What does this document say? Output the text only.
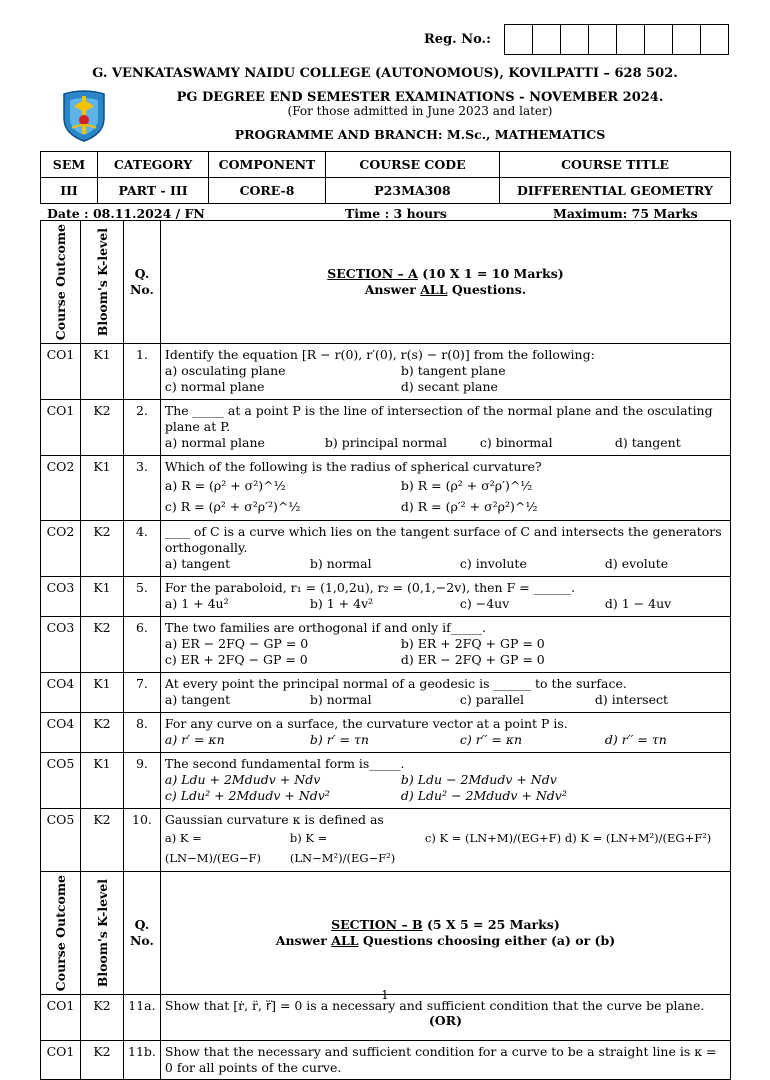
Reg. No.:
G. VENKATASWAMY NAIDU COLLEGE (AUTONOMOUS), KOVILPATTI – 628 502.
PG DEGREE END SEMESTER EXAMINATIONS - NOVEMBER 2024.
(For those admitted in June 2023 and later)
PROGRAMME AND BRANCH: M.Sc., MATHEMATICS
SEM	CATEGORY	COMPONENT	COURSE CODE	COURSE TITLE
III	PART - III	CORE-8	P23MA308	DIFFERENTIAL GEOMETRY
Date : 08.11.2024 / FN	Time : 3 hours	Maximum: 75 Marks
Course Outcome	Bloom's K-level	Q. No.	SECTION – A (10 X 1 = 10 Marks)
Answer ALL Questions.

CO1	K1	1.	Identify the equation [R − r(0), r′(0), r(s) − r(0)] from the following:
a) osculating plane b) tangent plane
c) normal plane d) secant plane

CO1	K2	2.	The _____ at a point P is the line of intersection of the normal plane and the osculating plane at P.
a) normal plane b) principal normal c) binormal d) tangent

CO2	K1	3.	Which of the following is the radius of spherical curvature?
a) R = (ρ² + σ²)^½ b) R = (ρ² + σ²ρ′)^½
c) R = (ρ² + σ²ρ′²)^½ d) R = (ρ′² + σ²ρ²)^½

CO2	K2	4.	____ of C is a curve which lies on the tangent surface of C and intersects the generators orthogonally.
a) tangent b) normal c) involute d) evolute

CO3	K1	5.	For the paraboloid, r₁ = (1,0,2u), r₂ = (0,1,−2v), then F = ______.
a) 1 + 4u² b) 1 + 4v² c) −4uv d) 1 − 4uv

CO3	K2	6.	The two families are orthogonal if and only if_____.
a) ER − 2FQ − GP = 0 b) ER + 2FQ + GP = 0
c) ER + 2FQ − GP = 0 d) ER − 2FQ + GP = 0

CO4	K1	7.	At every point the principal normal of a geodesic is ______ to the surface.
a) tangent b) normal c) parallel d) intersect

CO4	K2	8.	For any curve on a surface, the curvature vector at a point P is.
a) r′ = κn b) r′ = τn c) r′′ = κn d) r′′ = τn

CO5	K1	9.	The second fundamental form is_____.
a) Ldu + 2Mdudv + Ndv b) Ldu − 2Mdudv + Ndv
c) Ldu² + 2Mdudv + Ndv² d) Ldu² − 2Mdudv + Ndv²

CO5	K2	10.	Gaussian curvature κ is defined as
a) K = (LN−M)/(EG−F)
b) K = (LN−M²)/(EG−F²)
c) K = (LN+M)/(EG+F) d) K = (LN+M²)/(EG+F²)

Course Outcome	Bloom's K-level	Q. No.	SECTION – B (5 X 5 = 25 Marks)
Answer ALL Questions choosing either (a) or (b)

CO1	K2	11a.	Show that [ṙ, r̈, r⃛] = 0 is a necessary and sufficient condition that the curve be plane.
(OR)

CO1	K2	11b.	Show that the necessary and sufficient condition for a curve to be a straight line is κ = 0 for all points of the curve.
1
